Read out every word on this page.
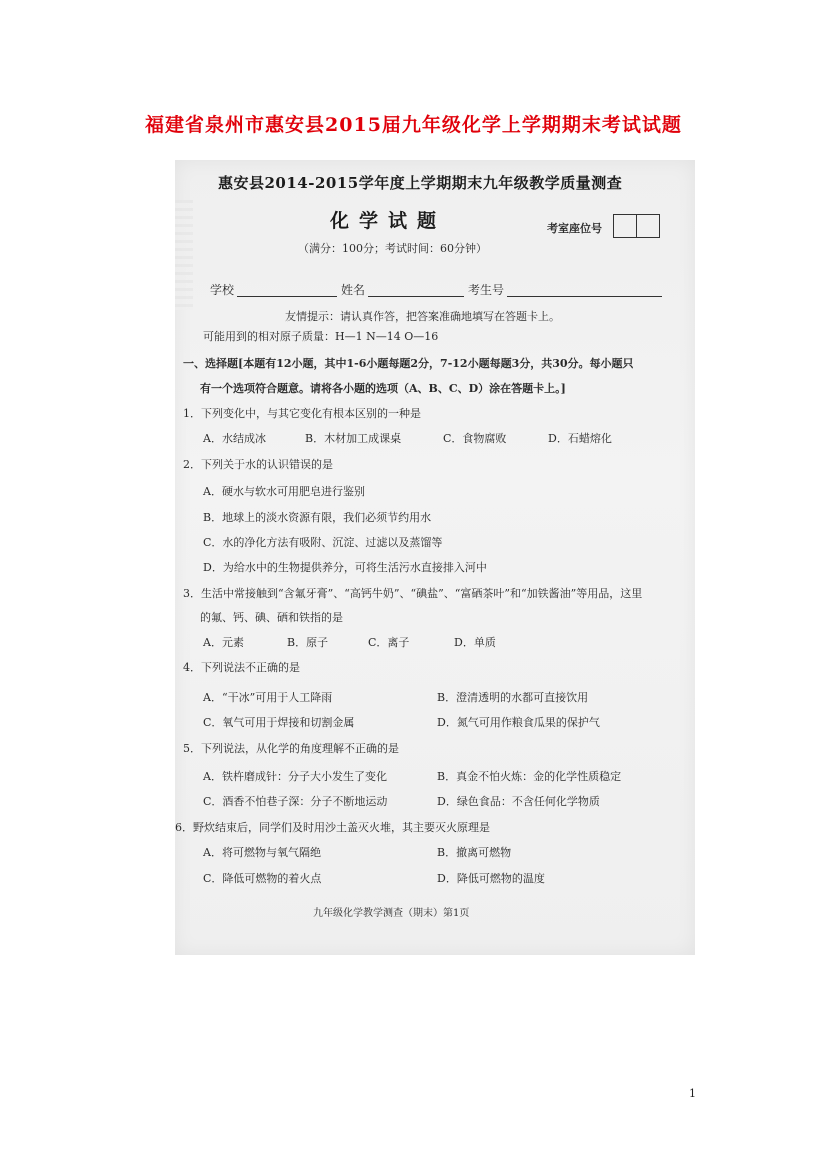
福建省泉州市惠安县2015届九年级化学上学期期末考试试题
惠安县2014-2015学年度上学期期末九年级教学质量测查
化学试题	考室座位号
（满分：100分；考试时间：60分钟）
学校	姓名	考生号
友情提示：请认真作答，把答案准确地填写在答题卡上。
可能用到的相对原子质量：H—1 N—14 O—16
一、选择题[本题有12小题，其中1-6小题每题2分，7-12小题每题3分，共30分。每小题只
有一个选项符合题意。请将各小题的选项（A、B、C、D）涂在答题卡上。]
1．下列变化中，与其它变化有根本区别的一种是
A．水结成冰	B．木材加工成课桌	C．食物腐败	D．石蜡熔化
2．下列关于水的认识错误的是
A．硬水与软水可用肥皂进行鉴别
B．地球上的淡水资源有限，我们必须节约用水
C．水的净化方法有吸附、沉淀、过滤以及蒸馏等
D．为给水中的生物提供养分，可将生活污水直接排入河中
3．生活中常接触到“含氟牙膏”、“高钙牛奶”、“碘盐”、“富硒茶叶”和“加铁酱油”等用品，这里
的氟、钙、碘、硒和铁指的是
A．元素	B．原子	C．离子	D．单质
4．下列说法不正确的是
A．“干冰”可用于人工降雨	B．澄清透明的水都可直接饮用
C．氧气可用于焊接和切割金属	D．氮气可用作粮食瓜果的保护气
5．下列说法，从化学的角度理解不正确的是
A．铁杵磨成针：分子大小发生了变化	B．真金不怕火炼：金的化学性质稳定
C．酒香不怕巷子深：分子不断地运动	D．绿色食品：不含任何化学物质
6．野炊结束后，同学们及时用沙土盖灭火堆，其主要灭火原理是
A．将可燃物与氧气隔绝	B．撤离可燃物
C．降低可燃物的着火点	D．降低可燃物的温度
九年级化学教学测查（期末）第1页
1
